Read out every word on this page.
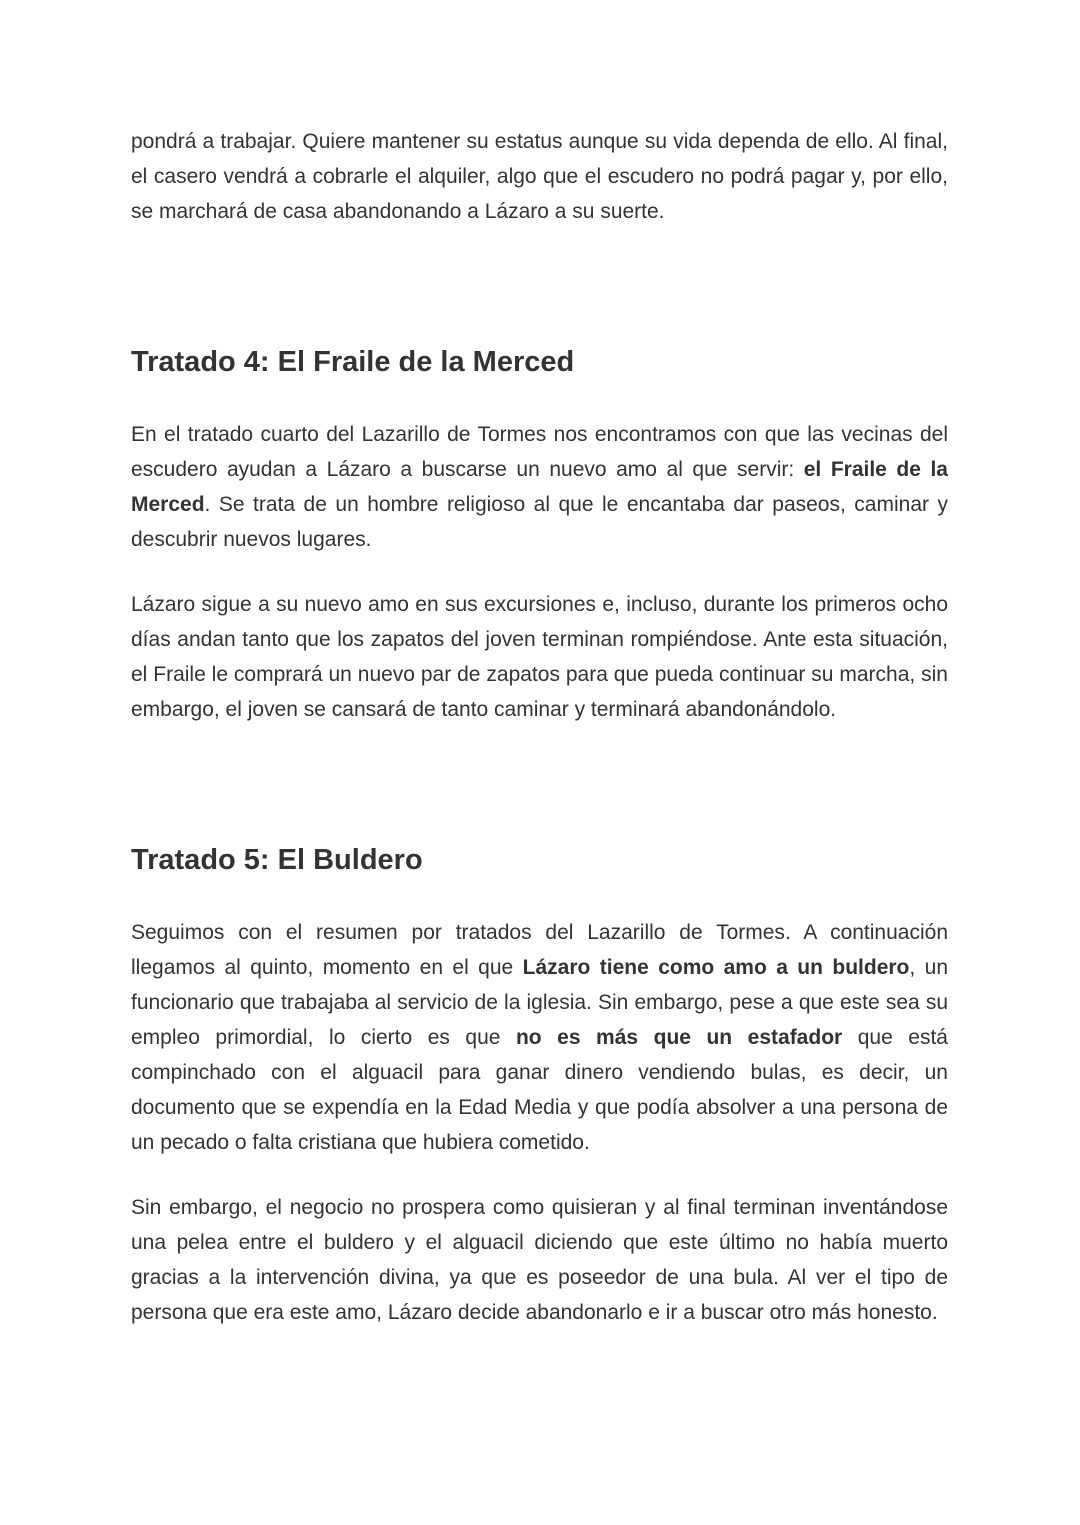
pondrá a trabajar. Quiere mantener su estatus aunque su vida dependa de ello. Al final, el casero vendrá a cobrarle el alquiler, algo que el escudero no podrá pagar y, por ello, se marchará de casa abandonando a Lázaro a su suerte.

Tratado 4: El Fraile de la Merced

En el tratado cuarto del Lazarillo de Tormes nos encontramos con que las vecinas del escudero ayudan a Lázaro a buscarse un nuevo amo al que servir: el Fraile de la Merced. Se trata de un hombre religioso al que le encantaba dar paseos, caminar y descubrir nuevos lugares.

Lázaro sigue a su nuevo amo en sus excursiones e, incluso, durante los primeros ocho días andan tanto que los zapatos del joven terminan rompiéndose. Ante esta situación, el Fraile le comprará un nuevo par de zapatos para que pueda continuar su marcha, sin embargo, el joven se cansará de tanto caminar y terminará abandonándolo.

Tratado 5: El Buldero

Seguimos con el resumen por tratados del Lazarillo de Tormes. A continuación llegamos al quinto, momento en el que Lázaro tiene como amo a un buldero, un funcionario que trabajaba al servicio de la iglesia. Sin embargo, pese a que este sea su empleo primordial, lo cierto es que no es más que un estafador que está compinchado con el alguacil para ganar dinero vendiendo bulas, es decir, un documento que se expendía en la Edad Media y que podía absolver a una persona de un pecado o falta cristiana que hubiera cometido.

Sin embargo, el negocio no prospera como quisieran y al final terminan inventándose una pelea entre el buldero y el alguacil diciendo que este último no había muerto gracias a la intervención divina, ya que es poseedor de una bula. Al ver el tipo de persona que era este amo, Lázaro decide abandonarlo e ir a buscar otro más honesto.
